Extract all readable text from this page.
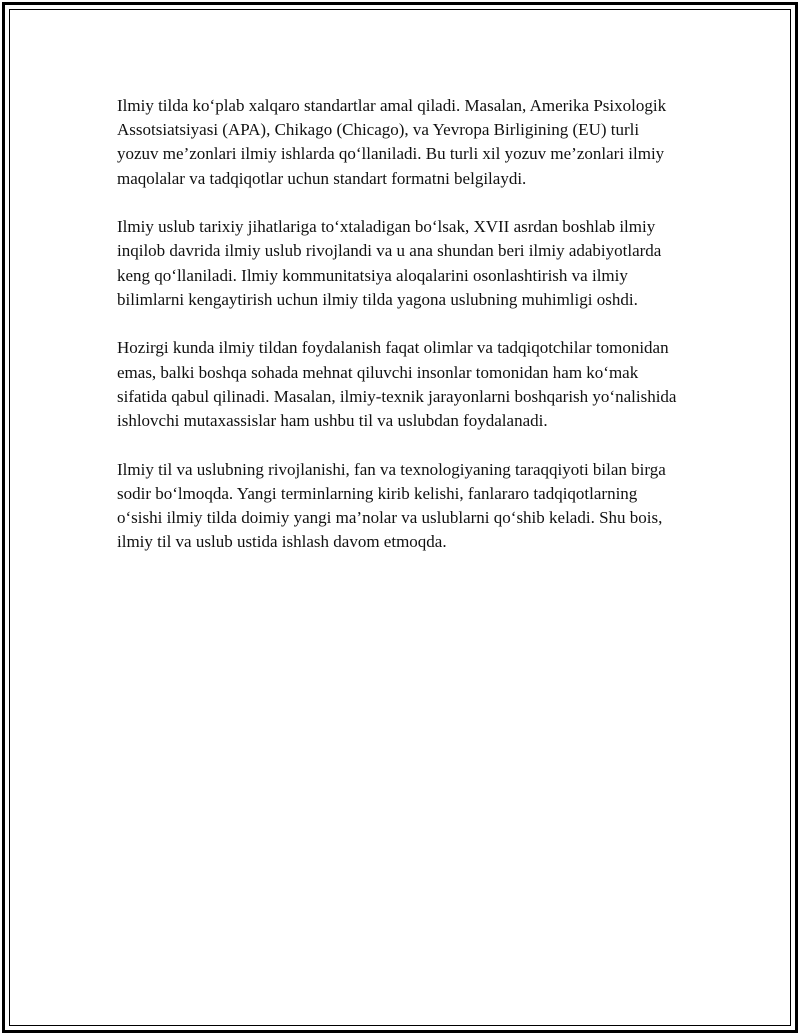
Ilmiy tilda ko‘plab xalqaro standartlar amal qiladi. Masalan, Amerika Psixologik Assotsiatsiyasi (APA), Chikago (Chicago), va Yevropa Birligining (EU) turli yozuv me’zonlari ilmiy ishlarda qo‘llaniladi. Bu turli xil yozuv me’zonlari ilmiy maqolalar va tadqiqotlar uchun standart formatni belgilaydi.

Ilmiy uslub tarixiy jihatlariga to‘xtaladigan bo‘lsak, XVII asrdan boshlab ilmiy inqilob davrida ilmiy uslub rivojlandi va u ana shundan beri ilmiy adabiyotlarda keng qo‘llaniladi. Ilmiy kommunitatsiya aloqalarini osonlashtirish va ilmiy bilimlarni kengaytirish uchun ilmiy tilda yagona uslubning muhimligi oshdi.

Hozirgi kunda ilmiy tildan foydalanish faqat olimlar va tadqiqotchilar tomonidan emas, balki boshqa sohada mehnat qiluvchi insonlar tomonidan ham ko‘mak sifatida qabul qilinadi. Masalan, ilmiy-texnik jarayonlarni boshqarish yo‘nalishida ishlovchi mutaxassislar ham ushbu til va uslubdan foydalanadi.

Ilmiy til va uslubning rivojlanishi, fan va texnologiyaning taraqqiyoti bilan birga sodir bo‘lmoqda. Yangi terminlarning kirib kelishi, fanlararo tadqiqotlarning o‘sishi ilmiy tilda doimiy yangi ma’nolar va uslublarni qo‘shib keladi. Shu bois, ilmiy til va uslub ustida ishlash davom etmoqda.
